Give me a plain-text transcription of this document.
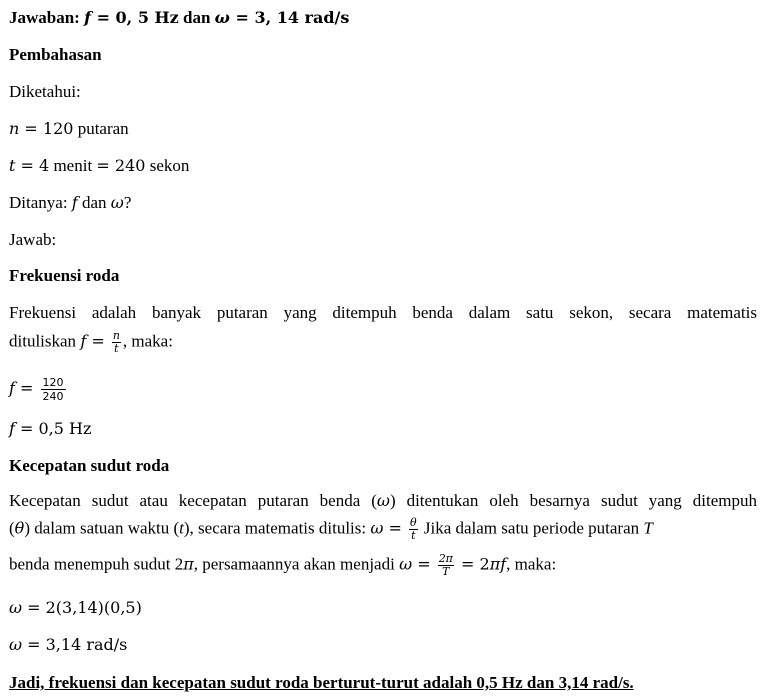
Jawaban: f = 0, 5 Hz dan ω = 3, 14 rad/s
Pembahasan
Diketahui:
n = 120 putaran
t = 4 menit = 240 sekon
Ditanya: f dan ω?
Jawab:
Frekuensi roda
Frekuensi adalah banyak putaran yang ditempuh benda dalam satu sekon, secara matematis
dituliskan $f = \frac{n}{t}$ , maka:
$f = \frac{120}{240}$
f = 0,5 Hz
Kecepatan sudut roda
Kecepatan sudut atau kecepatan putaran benda (ω) ditentukan oleh besarnya sudut yang ditempuh
(θ) dalam satuan waktu (t), secara matematis ditulis: $\omega = \frac{\theta}{t}$ Jika dalam satu periode putaran T
benda menempuh sudut 2π, persamaannya akan menjadi $\omega = \frac{2\pi}{T} = 2\pi f$, maka:
ω = 2(3,14)(0,5)
ω = 3,14 rad/s
Jadi, frekuensi dan kecepatan sudut roda berturut-turut adalah 0,5 Hz dan 3,14 rad/s.
